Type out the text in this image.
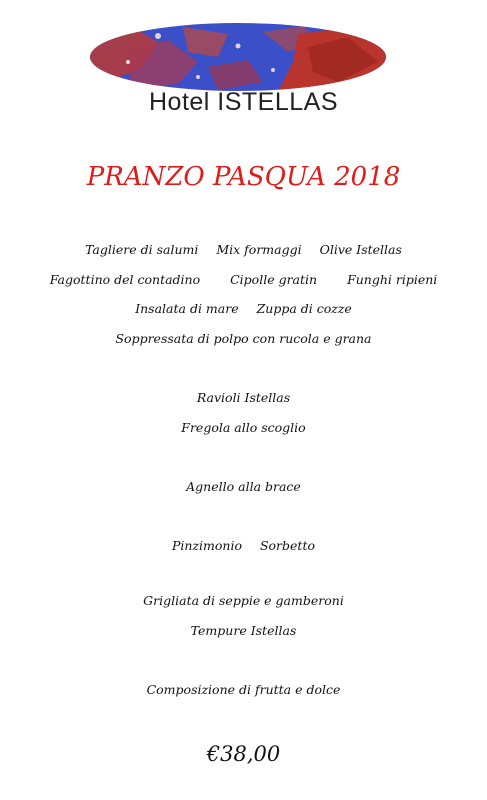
Hotel ISTELLAS
PRANZO PASQUA 2018
Tagliere di salumi Mix formaggi Olive Istellas
Fagottino del contadino Cipolle gratin Funghi ripieni
Insalata di mare Zuppa di cozze
Soppressata di polpo con rucola e grana
Ravioli Istellas
Fregola allo scoglio
Agnello alla brace
Pinzimonio Sorbetto
Grigliata di seppie e gamberoni
Tempure Istellas
Composizione di frutta e dolce
€38,00
